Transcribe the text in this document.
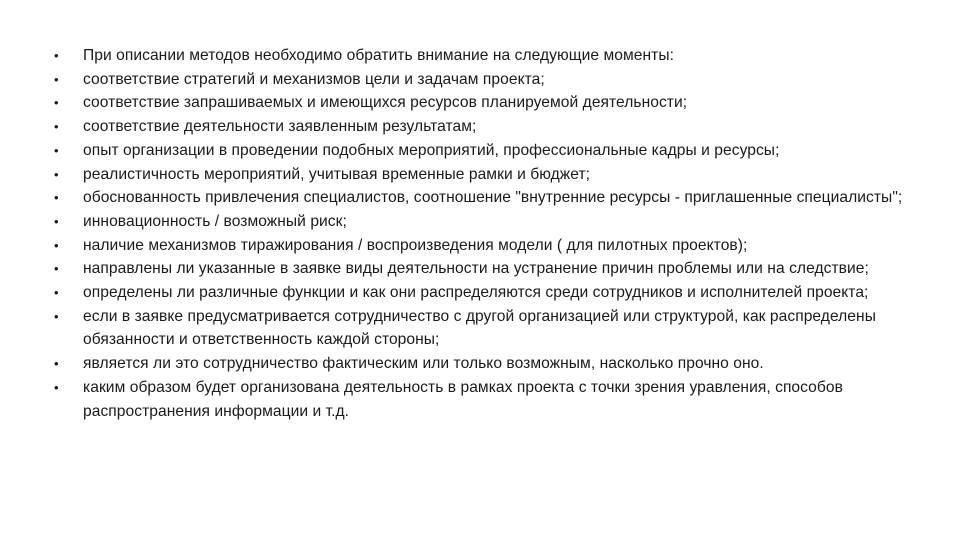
•	При описании методов необходимо обратить внимание на следующие моменты:
•	соответствие стратегий и механизмов цели и задачам проекта;
•	соответствие запрашиваемых и имеющихся ресурсов планируемой деятельности;
•	соответствие деятельности заявленным результатам;
•	опыт организации в проведении подобных мероприятий, профессиональные кадры и ресурсы;
•	реалистичность мероприятий, учитывая временные рамки и бюджет;
•	обоснованность привлечения специалистов, соотношение "внутренние ресурсы - приглашенные специалисты";
•	инновационность / возможный риск;
•	наличие механизмов тиражирования / воспроизведения модели ( для пилотных проектов);
•	направлены ли указанные в заявке виды деятельности на устранение причин проблемы или на следствие;
•	определены ли различные функции и как они распределяются среди сотрудников и исполнителей проекта;
•	если в заявке предусматривается сотрудничество с другой организацией или структурой, как распределены обязанности и ответственность каждой стороны;
•	является ли это сотрудничество фактическим или только возможным, насколько прочно оно.
•	каким образом будет организована деятельность в рамках проекта с точки зрения уравления, способов распространения информации и т.д.
